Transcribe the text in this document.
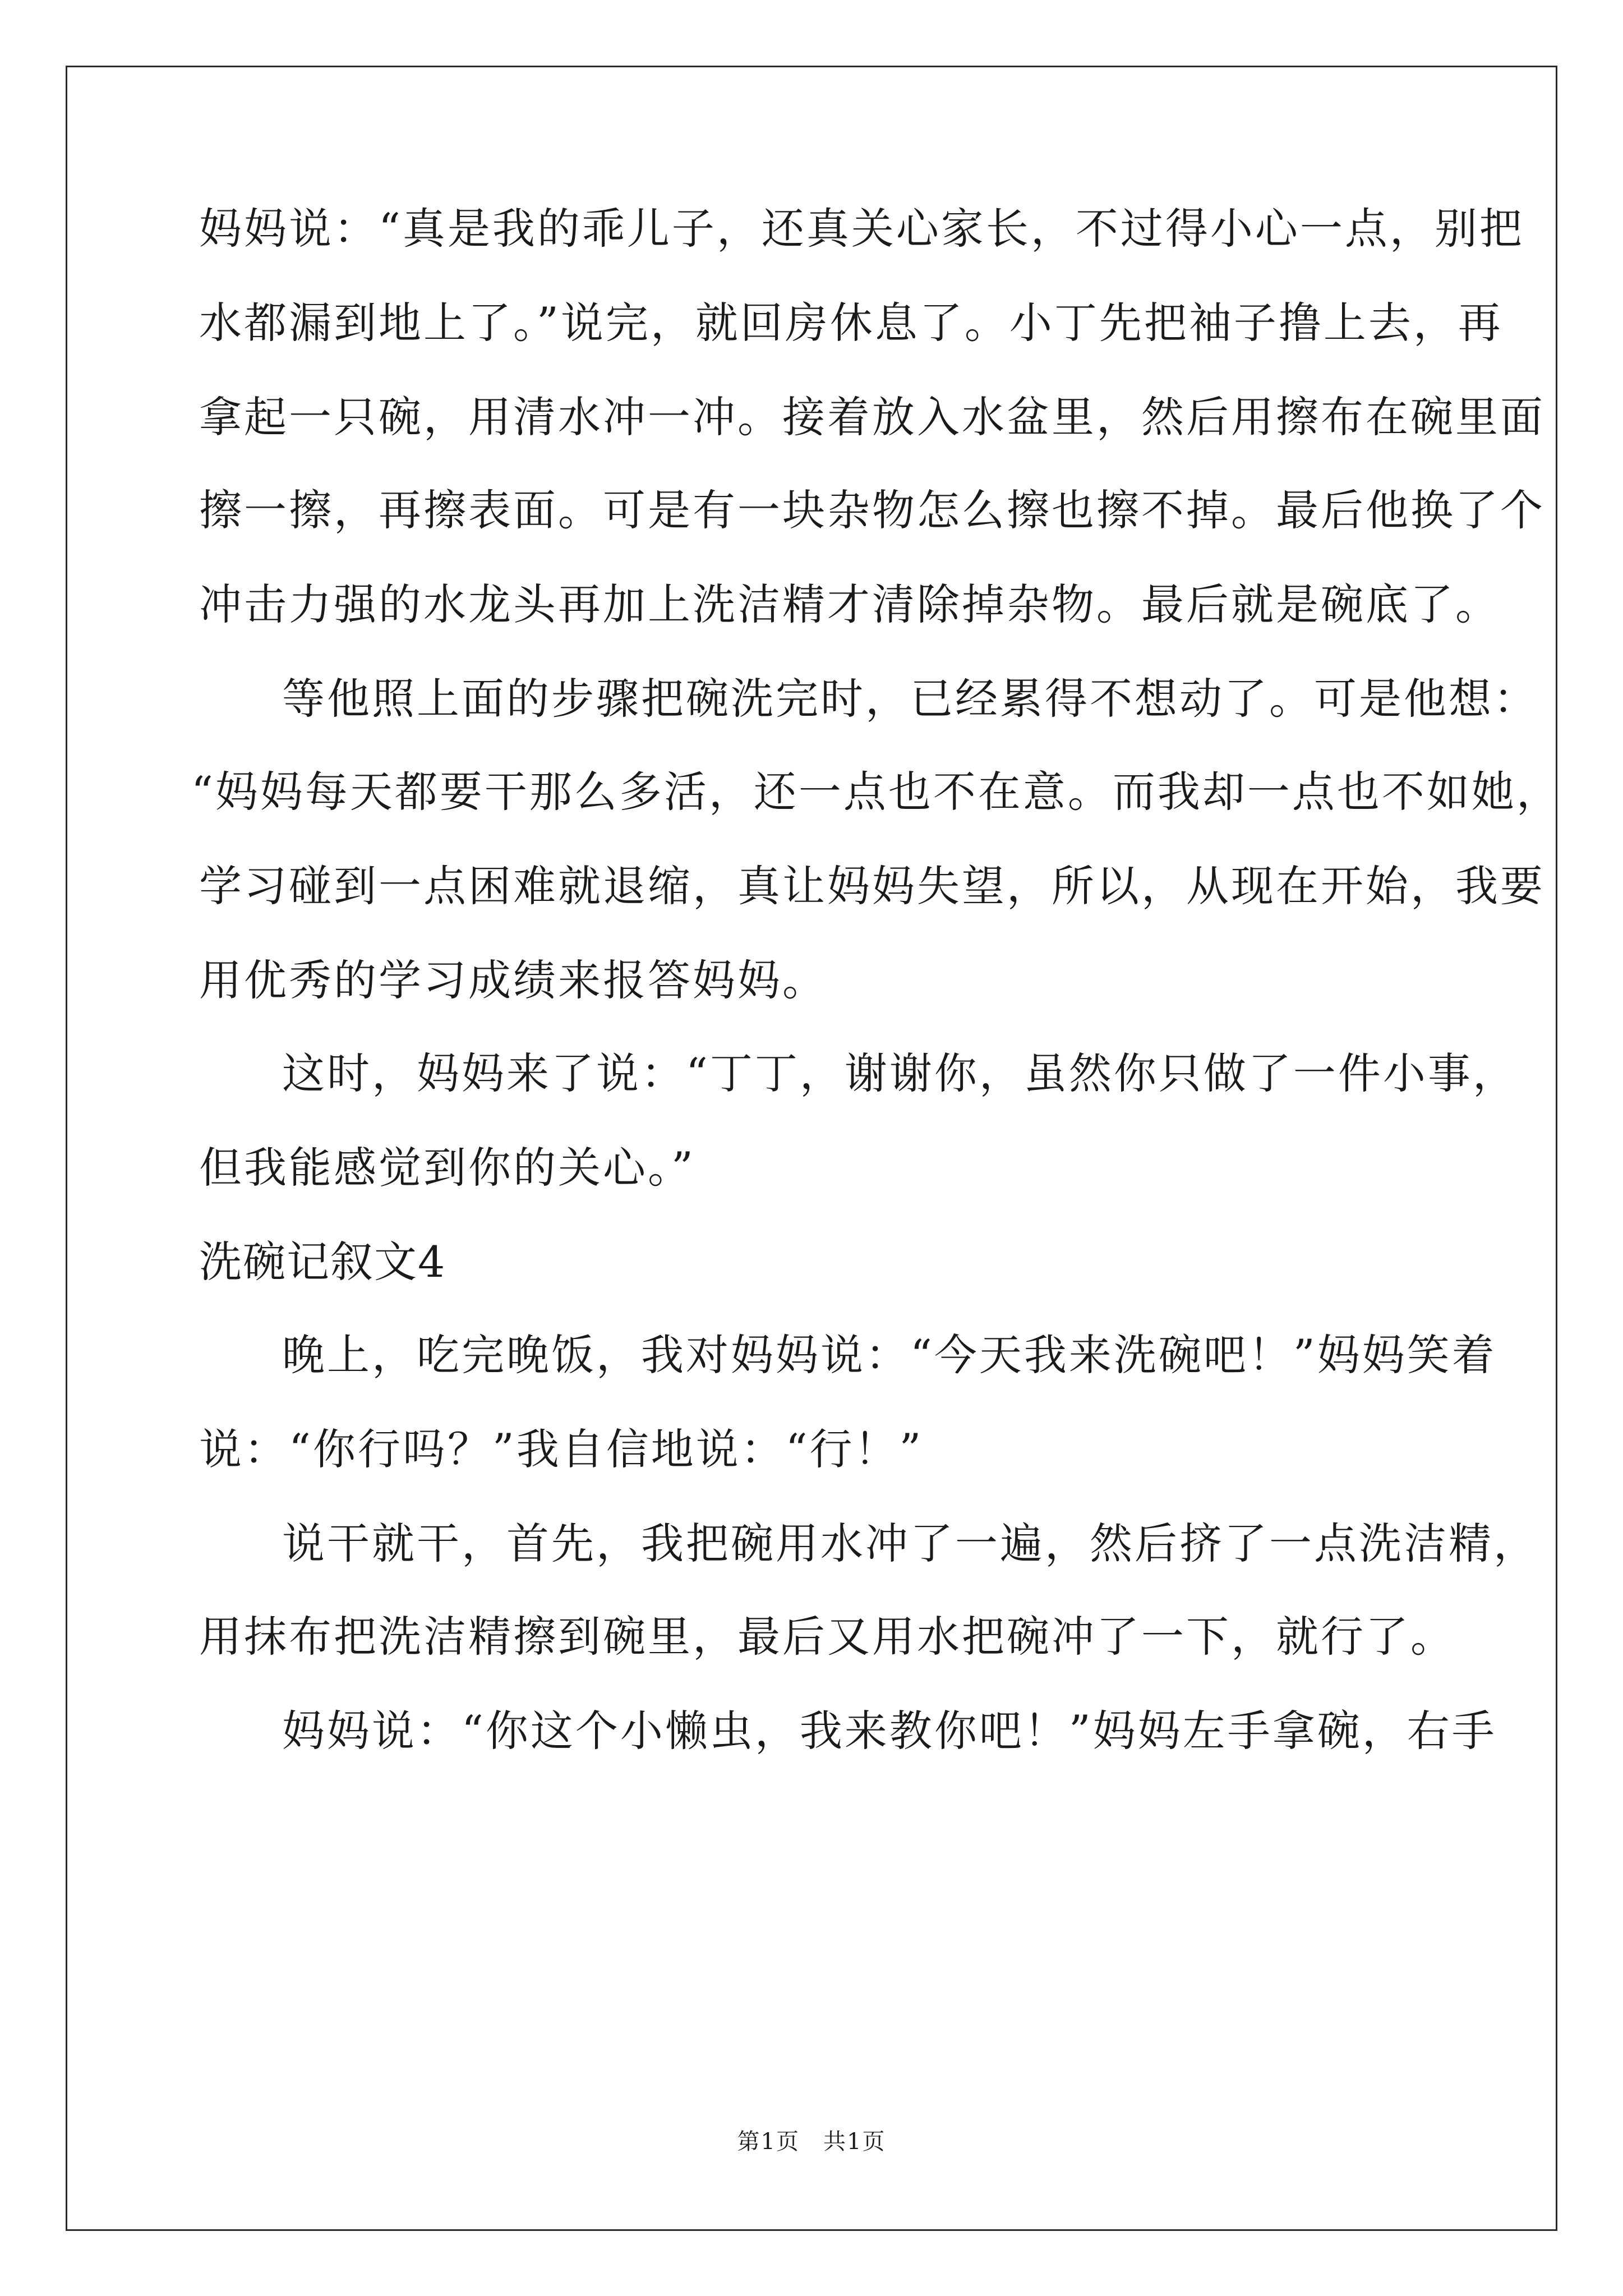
妈妈说：“真是我的乖儿子，还真关心家长，不过得小心一点，别把
水都漏到地上了。”说完，就回房休息了。小丁先把袖子撸上去，再
拿起一只碗，用清水冲一冲。接着放入水盆里，然后用擦布在碗里面
擦一擦，再擦表面。可是有一块杂物怎么擦也擦不掉。最后他换了个
冲击力强的水龙头再加上洗洁精才清除掉杂物。最后就是碗底了。
等他照上面的步骤把碗洗完时，已经累得不想动了。可是他想：
“妈妈每天都要干那么多活，还一点也不在意。而我却一点也不如她，
学习碰到一点困难就退缩，真让妈妈失望，所以，从现在开始，我要
用优秀的学习成绩来报答妈妈。
这时，妈妈来了说：“丁丁，谢谢你，虽然你只做了一件小事，
但我能感觉到你的关心。”
洗碗记叙文4
晚上，吃完晚饭，我对妈妈说：“今天我来洗碗吧！”妈妈笑着
说：“你行吗？”我自信地说：“行！”
说干就干，首先，我把碗用水冲了一遍，然后挤了一点洗洁精，
用抹布把洗洁精擦到碗里，最后又用水把碗冲了一下，就行了。
妈妈说：“你这个小懒虫，我来教你吧！”妈妈左手拿碗，右手
第1页　共1页
